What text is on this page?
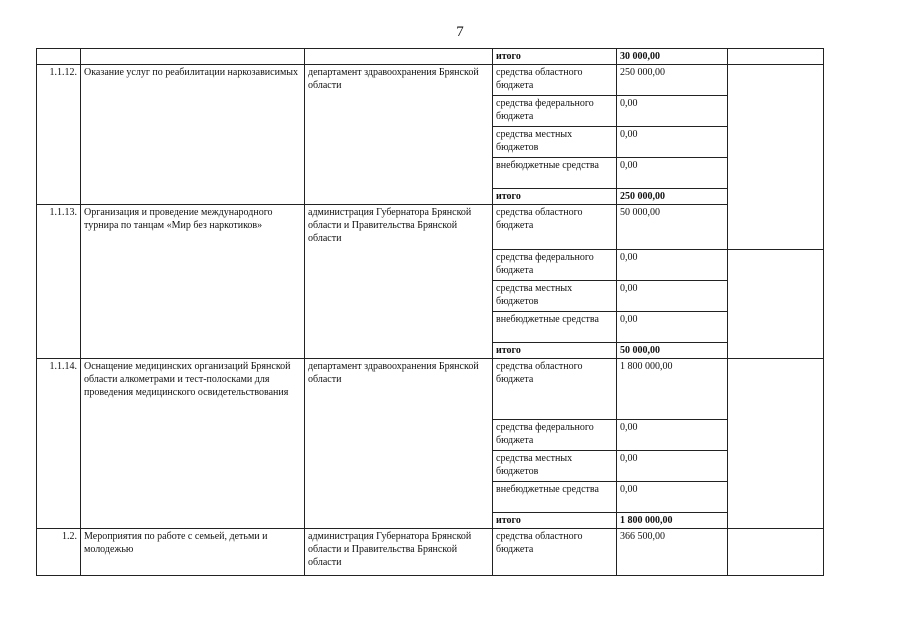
7
			итого	30 000,00		
1.1.12.	Оказание услуг по реабилитации наркозависимых	департамент здравоохранения Брянской области	средства областного бюджета	250 000,00		
			средства федерального бюджета	0,00		
			средства местных бюджетов	0,00		
			внебюджетные средства	0,00		
			итого	250 000,00		
1.1.13.	Организация и проведение международного турнира по танцам «Мир без наркотиков»	администрация Губернатора Брянской области и Правительства Брянской области	средства областного бюджета	50 000,00		
			средства федерального бюджета	0,00		
			средства местных бюджетов	0,00		
			внебюджетные средства	0,00		
			итого	50 000,00		
1.1.14.	Оснащение медицинских организаций Брянской области алкометрами и тест-полосками для проведения медицинского освидетельствования	департамент здравоохранения Брянской области	средства областного бюджета	1 800 000,00		
			средства федерального бюджета	0,00		
			средства местных бюджетов	0,00		
			внебюджетные средства	0,00		
			итого	1 800 000,00		
1.2.	Мероприятия по работе с семьей, детьми и молодежью	администрация Губернатора Брянской области и Правительства Брянской области	средства областного бюджета	366 500,00		
